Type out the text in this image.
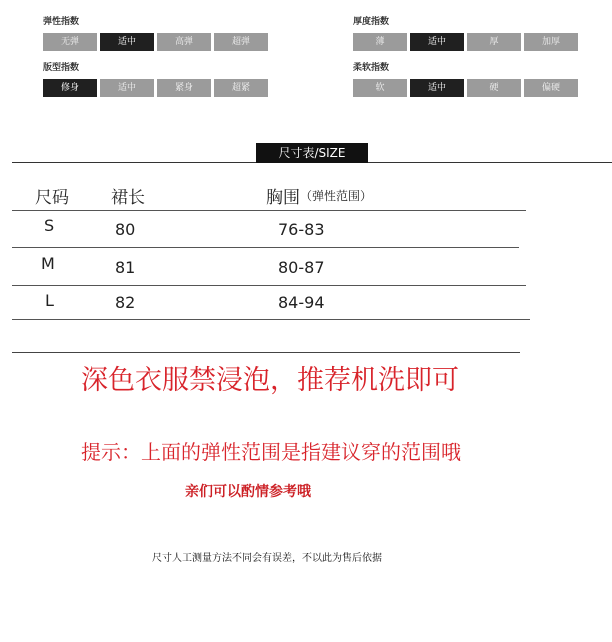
弹性指数
无弹	适中	高弹	超弹
版型指数
修身	适中	紧身	超紧
厚度指数
薄	适中	厚	加厚
柔软指数
软	适中	硬	偏硬
尺寸表/SIZE
尺码 裙长	胸围 （弹性范围）
S	80	76-83
M	81	80-87
L	82	84-94
深色衣服禁浸泡，推荐机洗即可
提示：上面的弹性范围是指建议穿的范围哦
亲们可以酌情参考哦
尺寸人工测量方法不同会有误差，不以此为售后依据
